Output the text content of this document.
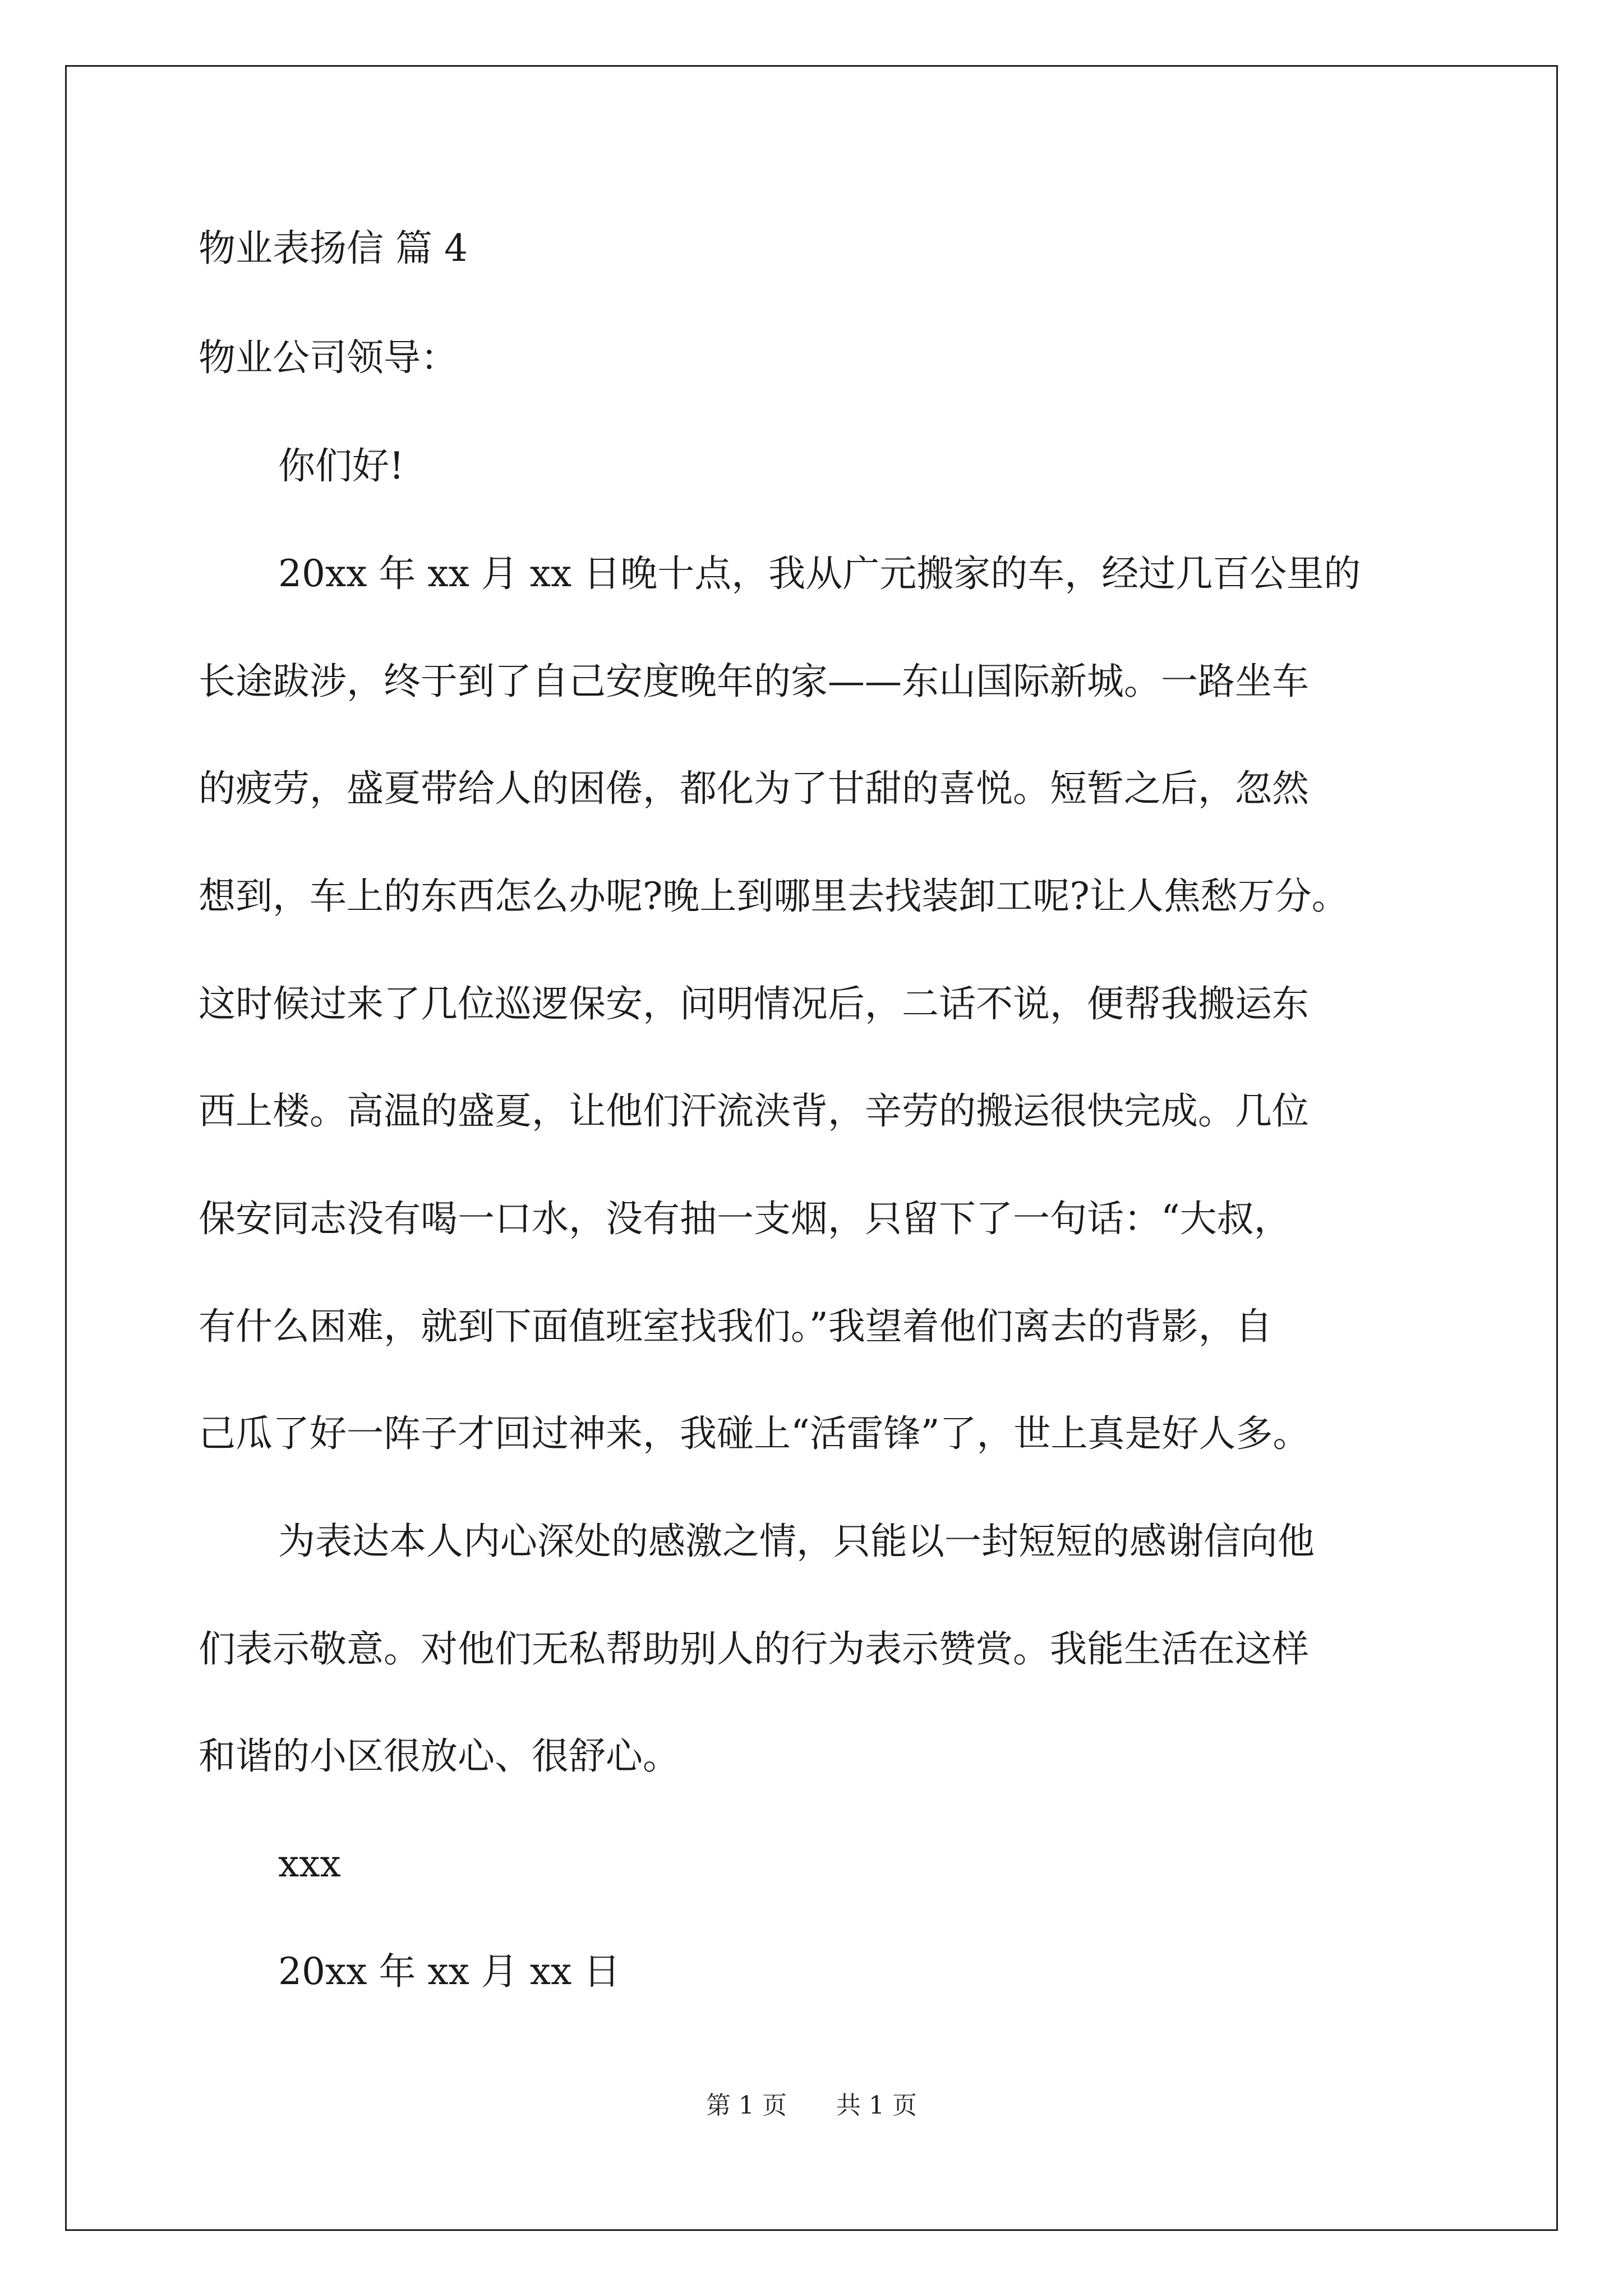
物业表扬信 篇 4

物业公司领导：

你们好!

20xx 年 xx 月 xx 日晚十点，我从广元搬家的车，经过几百公里的

长途跋涉，终于到了自己安度晚年的家——东山国际新城。一路坐车

的疲劳，盛夏带给人的困倦，都化为了甘甜的喜悦。短暂之后，忽然

想到，车上的东西怎么办呢?晚上到哪里去找装卸工呢?让人焦愁万分。

这时候过来了几位巡逻保安，问明情况后，二话不说，便帮我搬运东

西上楼。高温的盛夏，让他们汗流浃背，辛劳的搬运很快完成。几位

保安同志没有喝一口水，没有抽一支烟，只留下了一句话：“大叔，

有什么困难，就到下面值班室找我们。”我望着他们离去的背影，自

己瓜了好一阵子才回过神来，我碰上“活雷锋”了，世上真是好人多。

为表达本人内心深处的感激之情，只能以一封短短的感谢信向他

们表示敬意。对他们无私帮助别人的行为表示赞赏。我能生活在这样

和谐的小区很放心、很舒心。

xxx

20xx 年 xx 月 xx 日

第 1 页 共 1 页
